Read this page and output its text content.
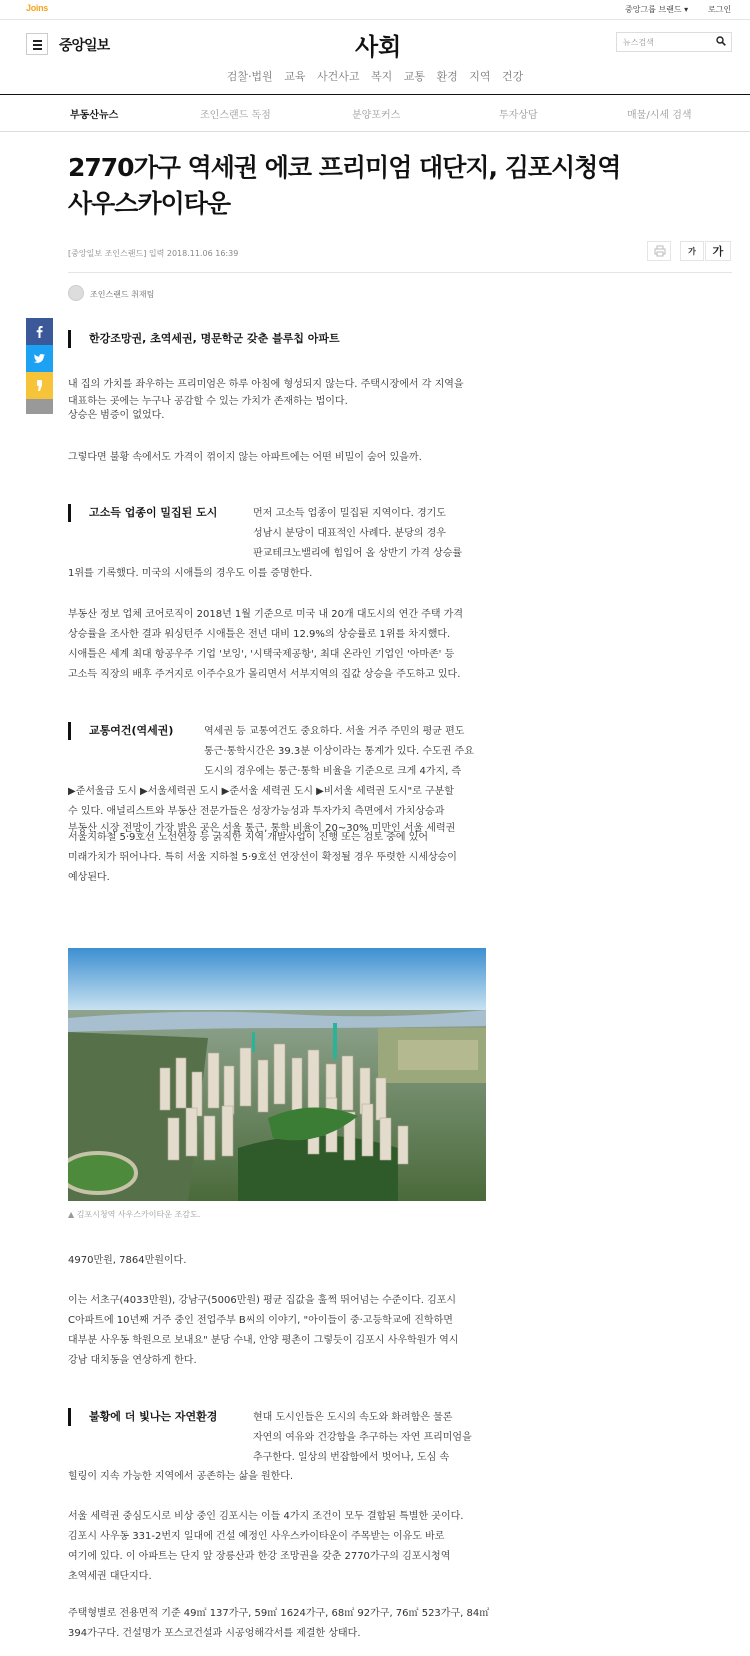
Joins	중앙그룹 브랜드 ▾ 로그인
중앙일보	사회	뉴스검색
검찰·법원 교육 사건사고 복지 교통 환경 지역 건강
부동산뉴스	조인스랜드 독점	분양포커스	투자상담	매물/시세 검색
2770가구 역세권 에코 프리미엄 대단지, 김포시청역
사우스카이타운
[중앙일보 조인스랜드] 입력 2018.11.06 16:39	가	가
조인스랜드 취재팀
한강조망권, 초역세권, 명문학군 갖춘 블루칩 아파트
내 집의 가치를 좌우하는 프리미엄은 하루 아침에 형성되지 않는다. 주택시장에서 각 지역을
대표하는 곳에는 누구나 공감할 수 있는 가치가 존재하는 법이다.
상승은 범증이 없었다.
그렇다면 불황 속에서도 가격이 꺾이지 않는 아파트에는 어떤 비밀이 숨어 있을까.
고소득 업종이 밀집된 도시	먼저 고소득 업종이 밀집된 지역이다. 경기도
성남시 분당이 대표적인 사례다. 분당의 경우
판교테크노밸리에 힘입어 올 상반기 가격 상승률
1위를 기록했다. 미국의 시애틀의 경우도 이를 증명한다.
부동산 정보 업체 코어로직이 2018년 1월 기준으로 미국 내 20개 대도시의 연간 주택 가격
상승률을 조사한 결과 워싱턴주 시애틀은 전년 대비 12.9%의 상승률로 1위를 차지했다.
시애틀은 세계 최대 항공우주 기업 '보잉', '시택국제공항', 최대 온라인 기업인 '아마존' 등
고소득 직장의 배후 주거지로 이주수요가 몰리면서 서부지역의 집값 상승을 주도하고 있다.
교통여건(역세권)	역세권 등 교통여건도 중요하다. 서울 거주 주민의 평균 편도
통근·통학시간은 39.3분 이상이라는 통계가 있다. 수도권 주요
도시의 경우에는 통근·통학 비율을 기준으로 크게 4가지, 즉
▶준서울급 도시 ▶서울세력권 도시 ▶준서울 세력권 도시 ▶비서울 세력권 도시"로 구분할
수 있다. 애널리스트와 부동산 전문가들은 성장가능성과 투자가치 측면에서 가치상승과
부동산 시장 전망이 가장 밝은 곳은 서울 통근, 통학 비율이 20~30% 미만인 서울 세력권
서울지하철 5·9호선 노선연장 등 굵직한 지역 개발사업이 진행 또는 검토 중에 있어
미래가치가 뛰어나다. 특히 서울 지하철 5·9호선 연장선이 확정될 경우 뚜렷한 시세상승이
예상된다.
▲ 김포시청역 사우스카이타운 조감도.
4970만원, 7864만원이다.
이는 서초구(4033만원), 강남구(5006만원) 평균 집값을 훌쩍 뛰어넘는 수준이다. 김포시
C아파트에 10년째 거주 중인 전업주부 B씨의 이야기, "아이들이 중·고등학교에 진학하면
대부분 사우동 학원으로 보내요" 분당 수내, 안양 평촌이 그렇듯이 김포시 사우학원가 역시
강남 대치동을 연상하게 한다.
불황에 더 빛나는 자연환경	현대 도시인들은 도시의 속도와 화려함은 물론
자연의 여유와 건강함을 추구하는 자연 프리미엄을
추구한다. 일상의 번잡함에서 벗어나, 도심 속
힐링이 지속 가능한 지역에서 공존하는 삶을 원한다.
서울 세력권 중심도시로 비상 중인 김포시는 이들 4가지 조건이 모두 결합된 특별한 곳이다.
김포시 사우동 331-2번지 일대에 건설 예정인 사우스카이타운이 주목받는 이유도 바로
여기에 있다. 이 아파트는 단지 앞 장릉산과 한강 조망권을 갖춘 2770가구의 김포시청역
초역세권 대단지다.
주택형별로 전용면적 기준 49㎡ 137가구, 59㎡ 1624가구, 68㎡ 92가구, 76㎡ 523가구, 84㎡
394가구다. 건설명가 포스코건설과 시공엉해각서를 제결한 상태다.
